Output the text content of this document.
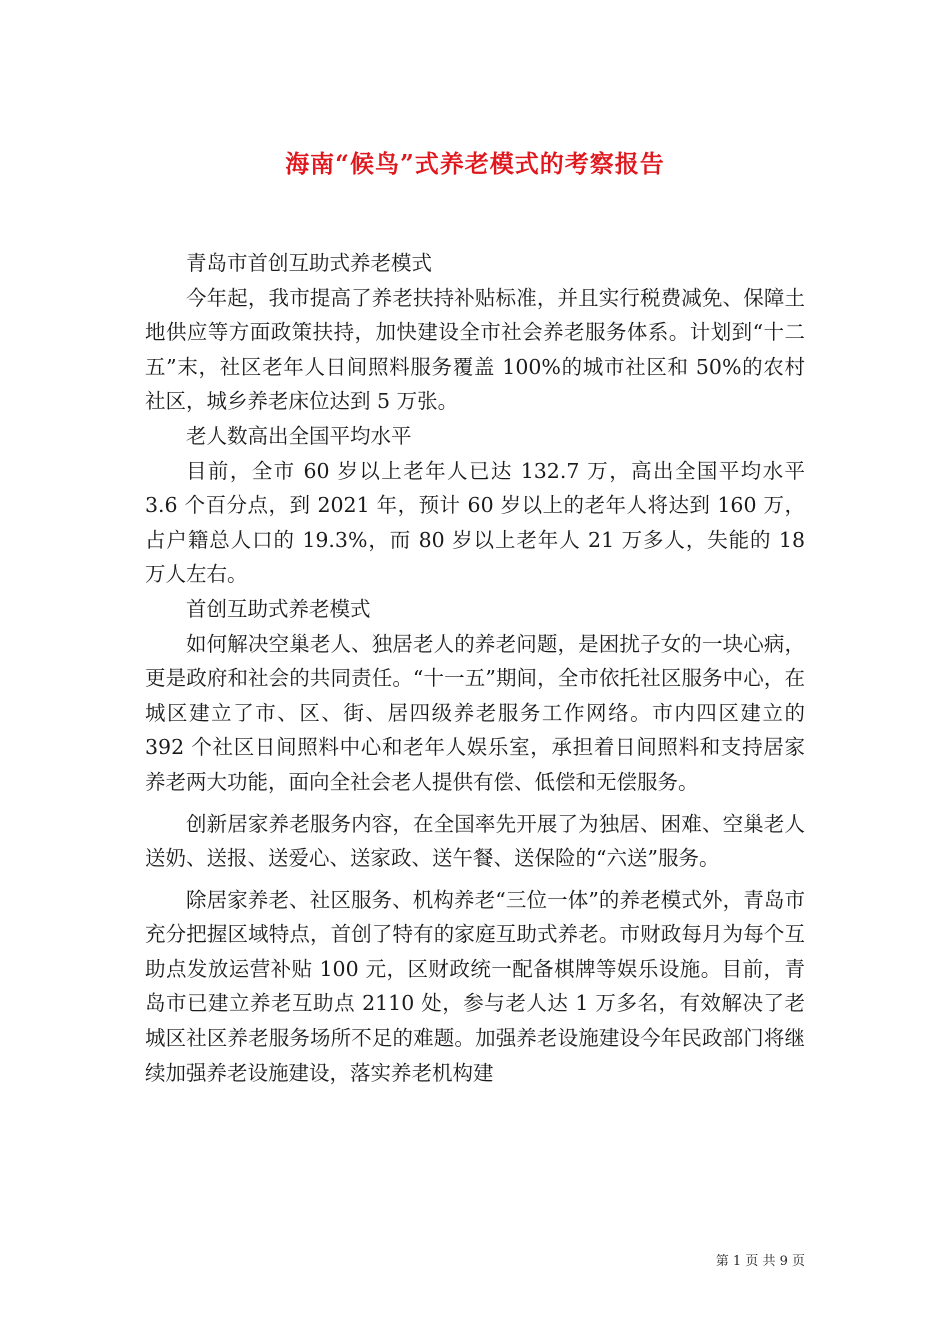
海南“候鸟”式养老模式的考察报告

青岛市首创互助式养老模式

今年起，我市提高了养老扶持补贴标准，并且实行税费减免、保障土地供应等方面政策扶持，加快建设全市社会养老服务体系。计划到“十二五”末，社区老年人日间照料服务覆盖 100%的城市社区和 50%的农村社区，城乡养老床位达到 5 万张。

老人数高出全国平均水平

目前，全市 60 岁以上老年人已达 132.7 万，高出全国平均水平 3.6 个百分点，到 2021 年，预计 60 岁以上的老年人将达到 160 万，占户籍总人口的 19.3%，而 80 岁以上老年人 21 万多人，失能的 18 万人左右。

首创互助式养老模式

如何解决空巢老人、独居老人的养老问题，是困扰子女的一块心病，更是政府和社会的共同责任。“十一五”期间，全市依托社区服务中心，在城区建立了市、区、街、居四级养老服务工作网络。市内四区建立的 392 个社区日间照料中心和老年人娱乐室，承担着日间照料和支持居家养老两大功能，面向全社会老人提供有偿、低偿和无偿服务。

创新居家养老服务内容，在全国率先开展了为独居、困难、空巢老人送奶、送报、送爱心、送家政、送午餐、送保险的“六送”服务。

除居家养老、社区服务、机构养老“三位一体”的养老模式外，青岛市充分把握区域特点，首创了特有的家庭互助式养老。市财政每月为每个互助点发放运营补贴 100 元，区财政统一配备棋牌等娱乐设施。目前，青岛市已建立养老互助点 2110 处，参与老人达 1 万多名，有效解决了老城区社区养老服务场所不足的难题。加强养老设施建设今年民政部门将继续加强养老设施建设，落实养老机构建

第 1 页 共 9 页
